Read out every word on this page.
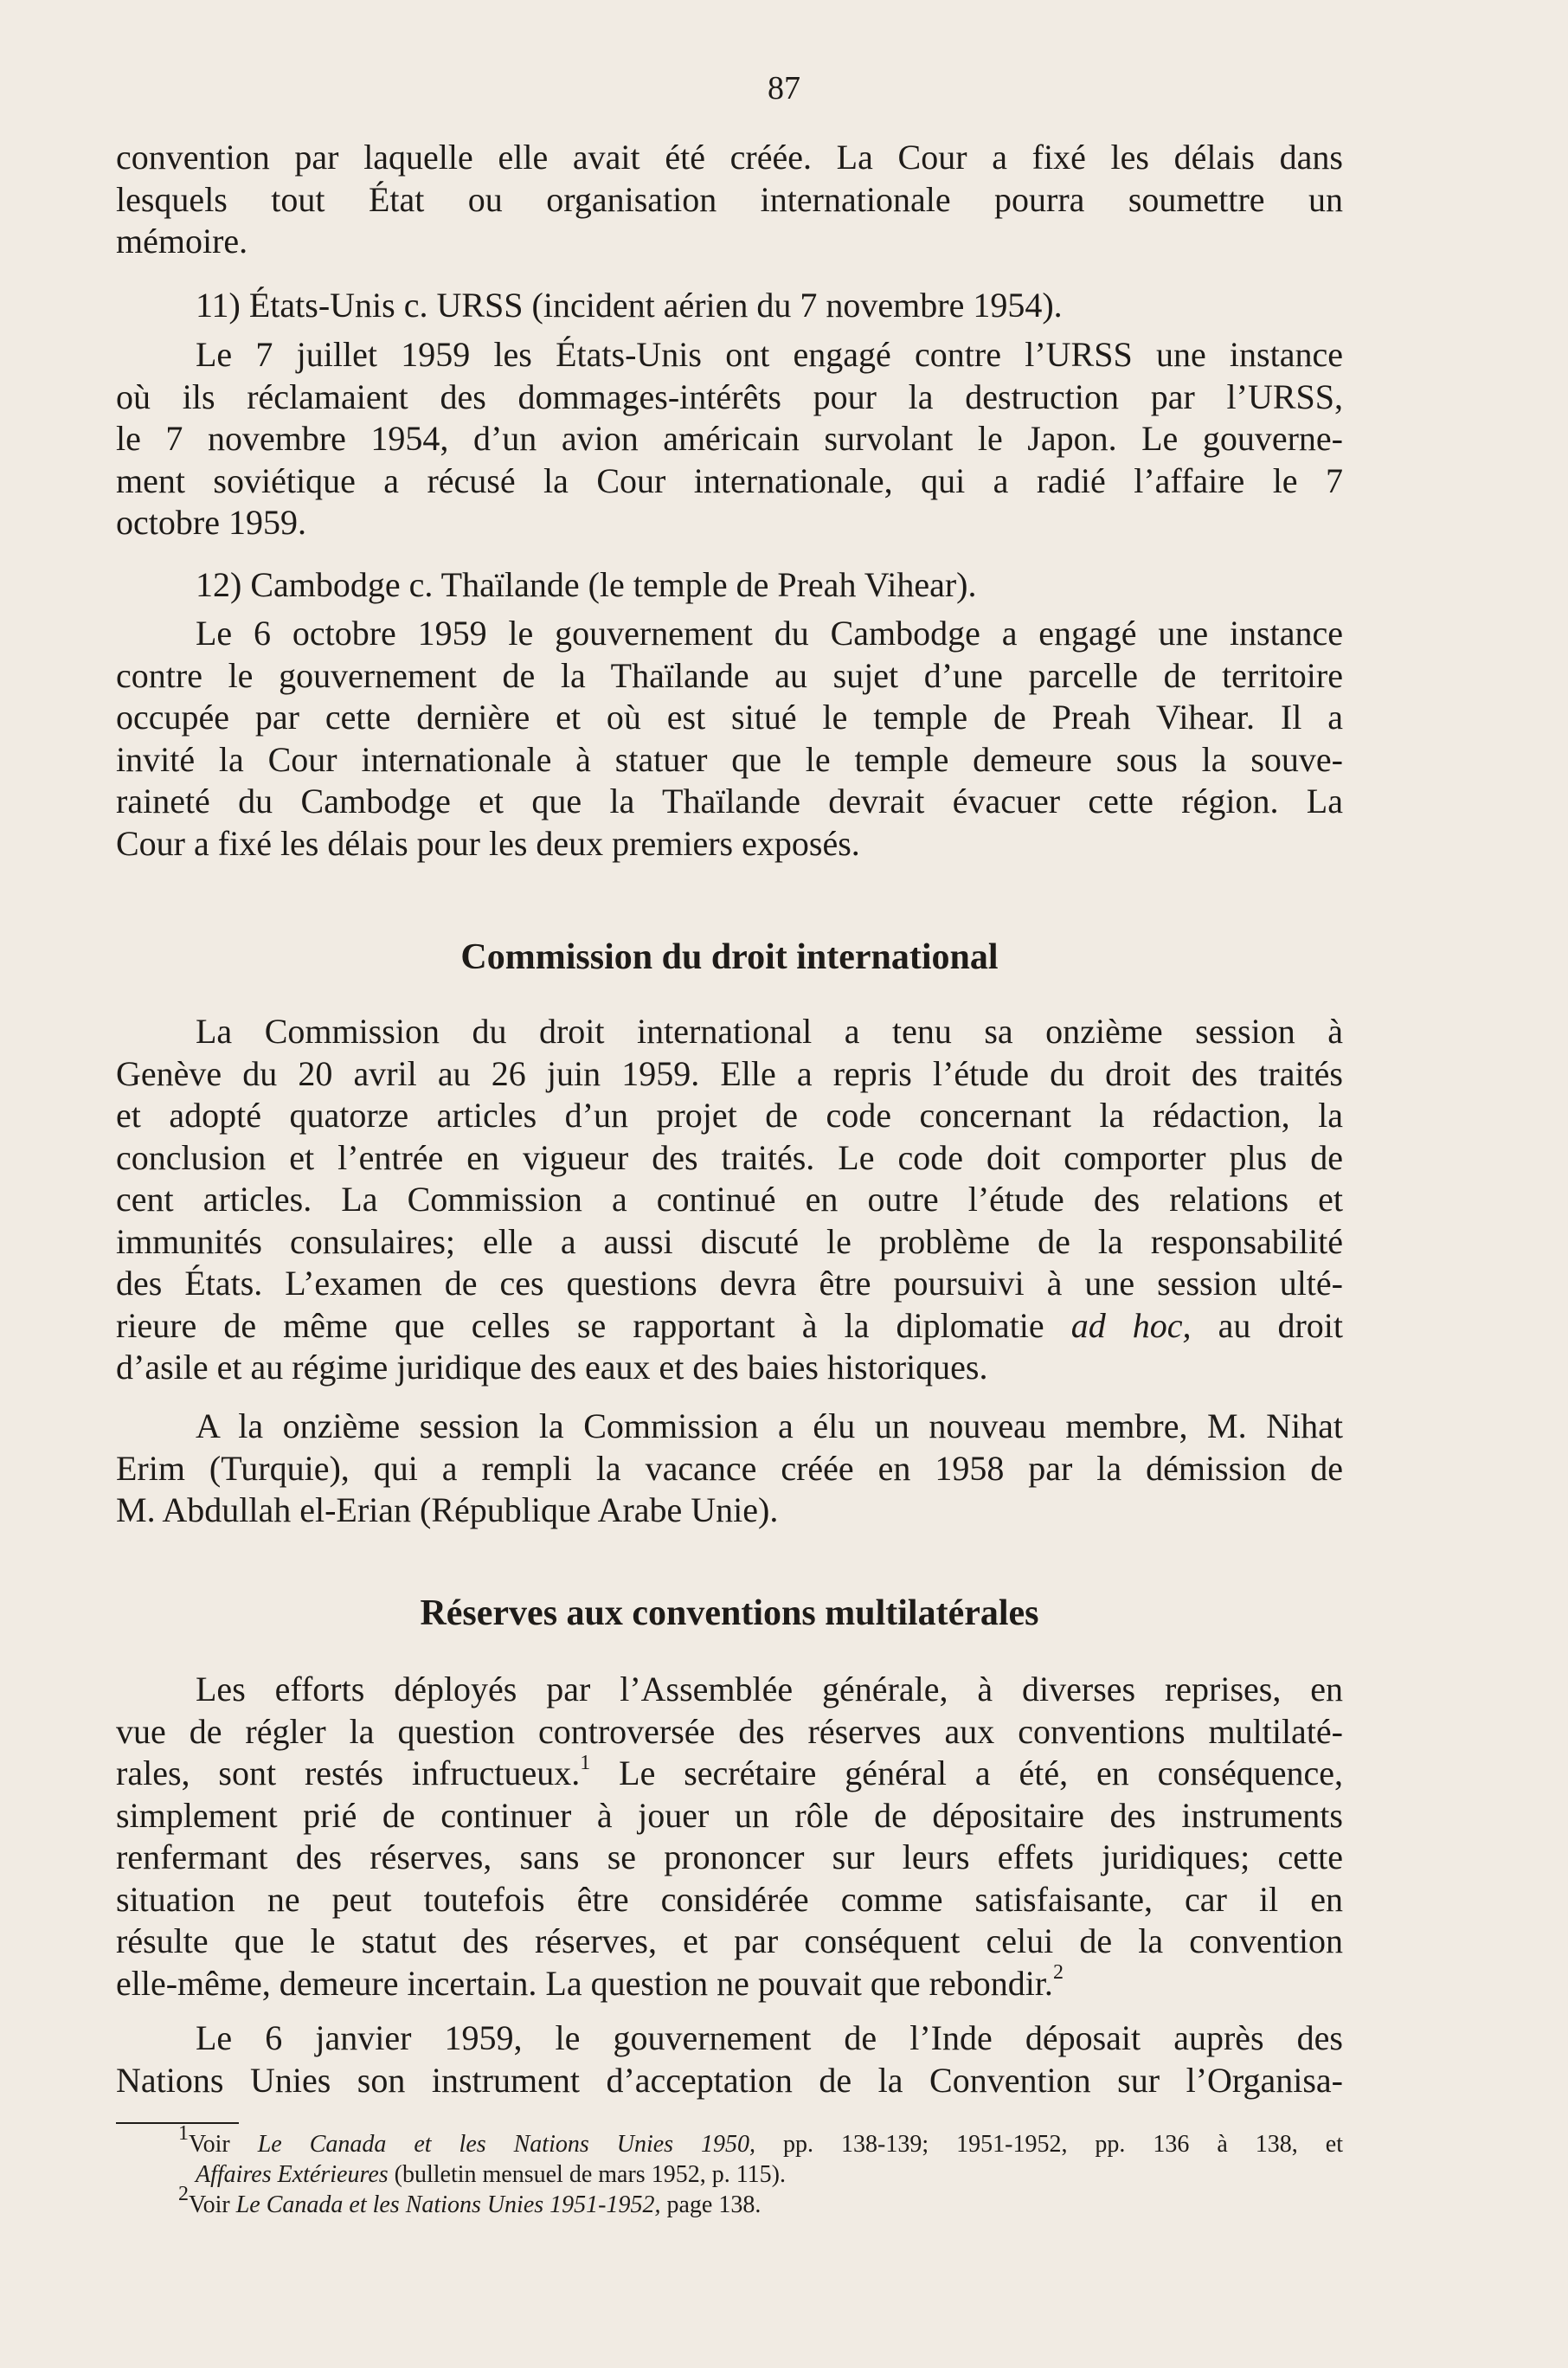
87
convention par laquelle elle avait été créée. La Cour a fixé les délais dans
lesquels tout État ou organisation internationale pourra soumettre un
mémoire.
11) États-Unis c. URSS (incident aérien du 7 novembre 1954).
Le 7 juillet 1959 les États-Unis ont engagé contre l’URSS une instance
où ils réclamaient des dommages-intérêts pour la destruction par l’URSS,
le 7 novembre 1954, d’un avion américain survolant le Japon. Le gouverne-
ment soviétique a récusé la Cour internationale, qui a radié l’affaire le 7
octobre 1959.
12) Cambodge c. Thaïlande (le temple de Preah Vihear).
Le 6 octobre 1959 le gouvernement du Cambodge a engagé une instance
contre le gouvernement de la Thaïlande au sujet d’une parcelle de territoire
occupée par cette dernière et où est situé le temple de Preah Vihear. Il a
invité la Cour internationale à statuer que le temple demeure sous la souve-
raineté du Cambodge et que la Thaïlande devrait évacuer cette région. La
Cour a fixé les délais pour les deux premiers exposés.
Commission du droit international
La Commission du droit international a tenu sa onzième session à
Genève du 20 avril au 26 juin 1959. Elle a repris l’étude du droit des traités
et adopté quatorze articles d’un projet de code concernant la rédaction, la
conclusion et l’entrée en vigueur des traités. Le code doit comporter plus de
cent articles. La Commission a continué en outre l’étude des relations et
immunités consulaires; elle a aussi discuté le problème de la responsabilité
des États. L’examen de ces questions devra être poursuivi à une session ulté-
rieure de même que celles se rapportant à la diplomatie ad hoc, au droit
d’asile et au régime juridique des eaux et des baies historiques.
A la onzième session la Commission a élu un nouveau membre, M. Nihat
Erim (Turquie), qui a rempli la vacance créée en 1958 par la démission de
M. Abdullah el-Erian (République Arabe Unie).
Réserves aux conventions multilatérales
Les efforts déployés par l’Assemblée générale, à diverses reprises, en
vue de régler la question controversée des réserves aux conventions multilaté-
rales, sont restés infructueux.$^1$ Le secrétaire général a été, en conséquence,
simplement prié de continuer à jouer un rôle de dépositaire des instruments
renfermant des réserves, sans se prononcer sur leurs effets juridiques; cette
situation ne peut toutefois être considérée comme satisfaisante, car il en
résulte que le statut des réserves, et par conséquent celui de la convention
elle-même, demeure incertain. La question ne pouvait que rebondir.$^2$
Le 6 janvier 1959, le gouvernement de l’Inde déposait auprès des
Nations Unies son instrument d’acceptation de la Convention sur l’Organisa-
$^1$Voir Le Canada et les Nations Unies 1950, pp. 138-139; 1951-1952, pp. 136 à 138, et
Affaires Extérieures (bulletin mensuel de mars 1952, p. 115).
$^2$Voir Le Canada et les Nations Unies 1951-1952, page 138.
